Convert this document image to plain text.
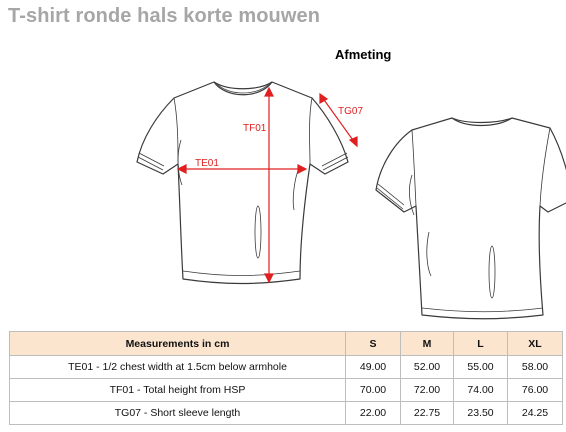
T-shirt ronde hals korte mouwen
Afmeting
TF01
TE01
TG07
Measurements in cm	S	M	L	XL
TE01 - 1/2 chest width at 1.5cm below armhole	49.00	52.00	55.00	58.00
TF01 - Total height from HSP	70.00	72.00	74.00	76.00
TG07 - Short sleeve length	22.00	22.75	23.50	24.25
